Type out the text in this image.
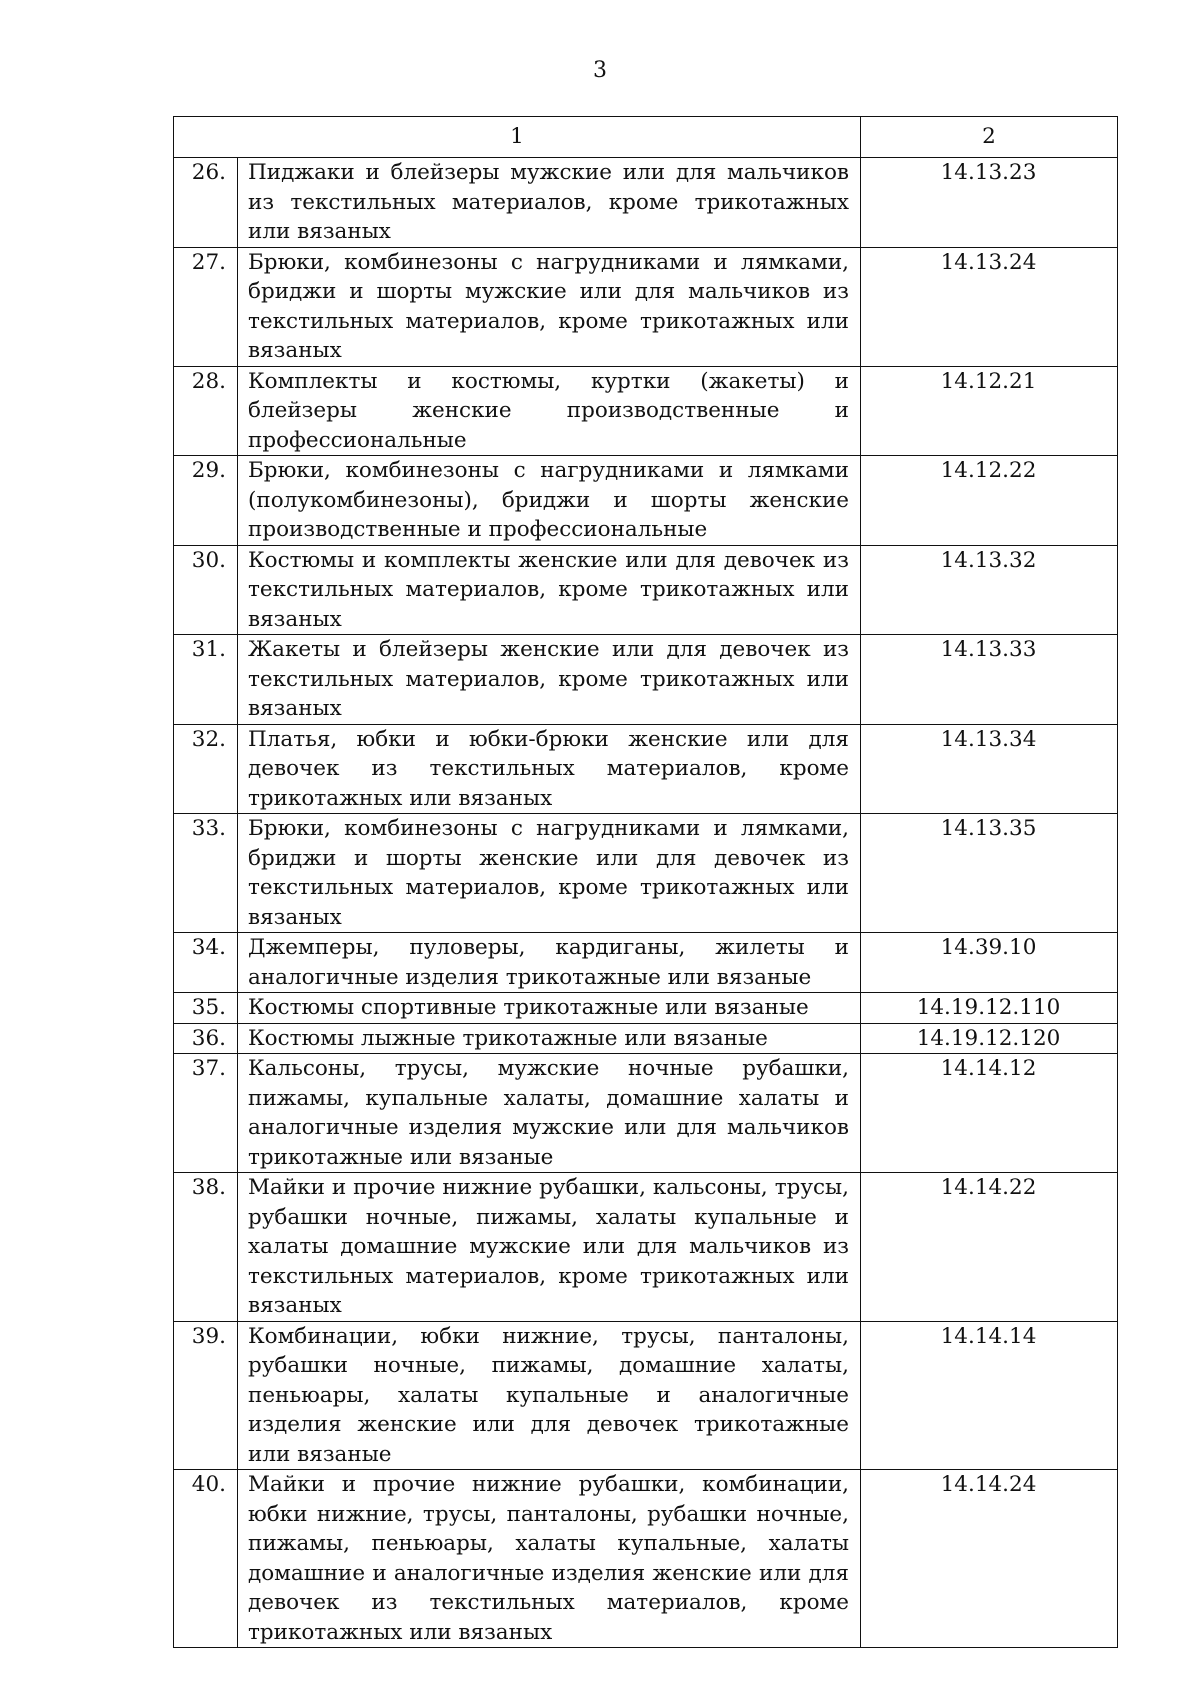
3
1		2
26.	Пиджаки и блейзеры мужские или для мальчиков из текстильных материалов, кроме трикотажных или вязаных	14.13.23
27.	Брюки, комбинезоны с нагрудниками и лямками, бриджи и шорты мужские или для мальчиков из текстильных материалов, кроме трикотажных или вязаных	14.13.24
28.	Комплекты и костюмы, куртки (жакеты) и блейзеры женские производственные и профессиональные	14.12.21
29.	Брюки, комбинезоны с нагрудниками и лямками (полукомбинезоны), бриджи и шорты женские производственные и профессиональные	14.12.22
30.	Костюмы и комплекты женские или для девочек из текстильных материалов, кроме трикотажных или вязаных	14.13.32
31.	Жакеты и блейзеры женские или для девочек из текстильных материалов, кроме трикотажных или вязаных	14.13.33
32.	Платья, юбки и юбки-брюки женские или для девочек из текстильных материалов, кроме трикотажных или вязаных	14.13.34
33.	Брюки, комбинезоны с нагрудниками и лямками, бриджи и шорты женские или для девочек из текстильных материалов, кроме трикотажных или вязаных	14.13.35
34.	Джемперы, пуловеры, кардиганы, жилеты и аналогичные изделия трикотажные или вязаные	14.39.10
35.	Костюмы спортивные трикотажные или вязаные	14.19.12.110
36.	Костюмы лыжные трикотажные или вязаные	14.19.12.120
37.	Кальсоны, трусы, мужские ночные рубашки, пижамы, купальные халаты, домашние халаты и аналогичные изделия мужские или для мальчиков трикотажные или вязаные	14.14.12
38.	Майки и прочие нижние рубашки, кальсоны, трусы, рубашки ночные, пижамы, халаты купальные и халаты домашние мужские или для мальчиков из текстильных материалов, кроме трикотажных или вязаных	14.14.22
39.	Комбинации, юбки нижние, трусы, панталоны, рубашки ночные, пижамы, домашние халаты, пеньюары, халаты купальные и аналогичные изделия женские или для девочек трикотажные или вязаные	14.14.14
40.	Майки и прочие нижние рубашки, комбинации, юбки нижние, трусы, панталоны, рубашки ночные, пижамы, пеньюары, халаты купальные, халаты домашние и аналогичные изделия женские или для девочек из текстильных материалов, кроме трикотажных или вязаных	14.14.24
